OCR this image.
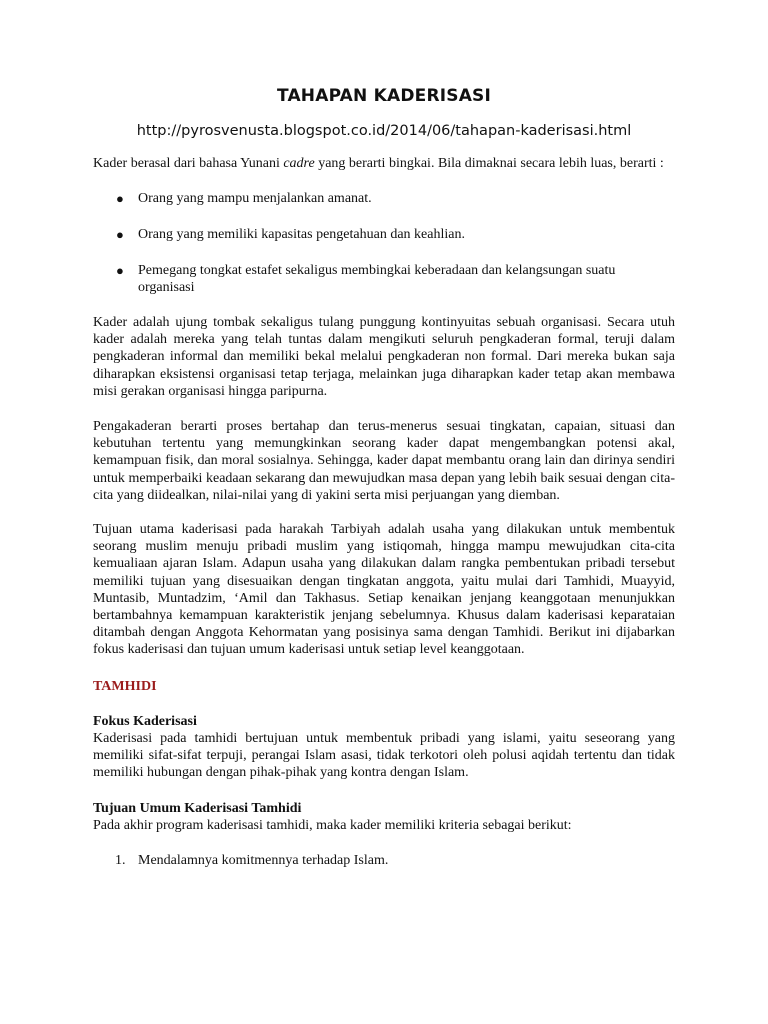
TAHAPAN KADERISASI
http://pyrosvenusta.blogspot.co.id/2014/06/tahapan-kaderisasi.html

Kader berasal dari bahasa Yunani cadre yang berarti bingkai. Bila dimaknai secara lebih luas, berarti :

● Orang yang mampu menjalankan amanat.
● Orang yang memiliki kapasitas pengetahuan dan keahlian.
● Pemegang tongkat estafet sekaligus membingkai keberadaan dan kelangsungan suatu organisasi

Kader adalah ujung tombak sekaligus tulang punggung kontinyuitas sebuah organisasi. Secara utuh kader adalah mereka yang telah tuntas dalam mengikuti seluruh pengkaderan formal, teruji dalam pengkaderan informal dan memiliki bekal melalui pengkaderan non formal. Dari mereka bukan saja diharapkan eksistensi organisasi tetap terjaga, melainkan juga diharapkan kader tetap akan membawa misi gerakan organisasi hingga paripurna.

Pengakaderan berarti proses bertahap dan terus-menerus sesuai tingkatan, capaian, situasi dan kebutuhan tertentu yang memungkinkan seorang kader dapat mengembangkan potensi akal, kemampuan fisik, dan moral sosialnya. Sehingga, kader dapat membantu orang lain dan dirinya sendiri untuk memperbaiki keadaan sekarang dan mewujudkan masa depan yang lebih baik sesuai dengan cita-cita yang diidealkan, nilai-nilai yang di yakini serta misi perjuangan yang diemban.

Tujuan utama kaderisasi pada harakah Tarbiyah adalah usaha yang dilakukan untuk membentuk seorang muslim menuju pribadi muslim yang istiqomah, hingga mampu mewujudkan cita-cita kemualiaan ajaran Islam. Adapun usaha yang dilakukan dalam rangka pembentukan pribadi tersebut memiliki tujuan yang disesuaikan dengan tingkatan anggota, yaitu mulai dari Tamhidi, Muayyid, Muntasib, Muntadzim, ‘Amil dan Takhasus. Setiap kenaikan jenjang keanggotaan menunjukkan bertambahnya kemampuan karakteristik jenjang sebelumnya. Khusus dalam kaderisasi keparataian ditambah dengan Anggota Kehormatan yang posisinya sama dengan Tamhidi. Berikut ini dijabarkan fokus kaderisasi dan tujuan umum kaderisasi untuk setiap level keanggotaan.

TAMHIDI
Fokus Kaderisasi

Kaderisasi pada tamhidi bertujuan untuk membentuk pribadi yang islami, yaitu seseorang yang memiliki sifat-sifat terpuji, perangai Islam asasi, tidak terkotori oleh polusi aqidah tertentu dan tidak memiliki hubungan dengan pihak-pihak yang kontra dengan Islam.

Tujuan Umum Kaderisasi Tamhidi

Pada akhir program kaderisasi tamhidi, maka kader memiliki kriteria sebagai berikut:

1. Mendalamnya komitmennya terhadap Islam.
